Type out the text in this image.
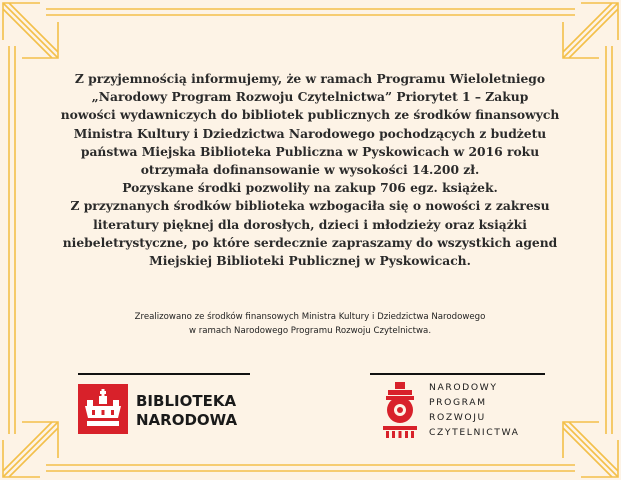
Z przyjemnością informujemy, że w ramach Programu Wieloletniego
„Narodowy Program Rozwoju Czytelnictwa” Priorytet 1 – Zakup
nowości wydawniczych do bibliotek publicznych ze środków finansowych
Ministra Kultury i Dziedzictwa Narodowego pochodzących z budżetu
państwa Miejska Biblioteka Publiczna w Pyskowicach w 2016 roku
otrzymała dofinansowanie w wysokości 14.200 zł.
Pozyskane środki pozwoliły na zakup 706 egz. książek.
Z przyznanych środków biblioteka wzbogaciła się o nowości z zakresu
literatury pięknej dla dorosłych, dzieci i młodzieży oraz książki
niebeletrystyczne, po które serdecznie zapraszamy do wszystkich agend
Miejskiej Biblioteki Publicznej w Pyskowicach.
Zrealizowano ze środków finansowych Ministra Kultury i Dziedzictwa Narodowego
w ramach Narodowego Programu Rozwoju Czytelnictwa.
BIBLIOTEKA
NARODOWA
NARODOWY
PROGRAM
ROZWOJU
CZYTELNICTWA
